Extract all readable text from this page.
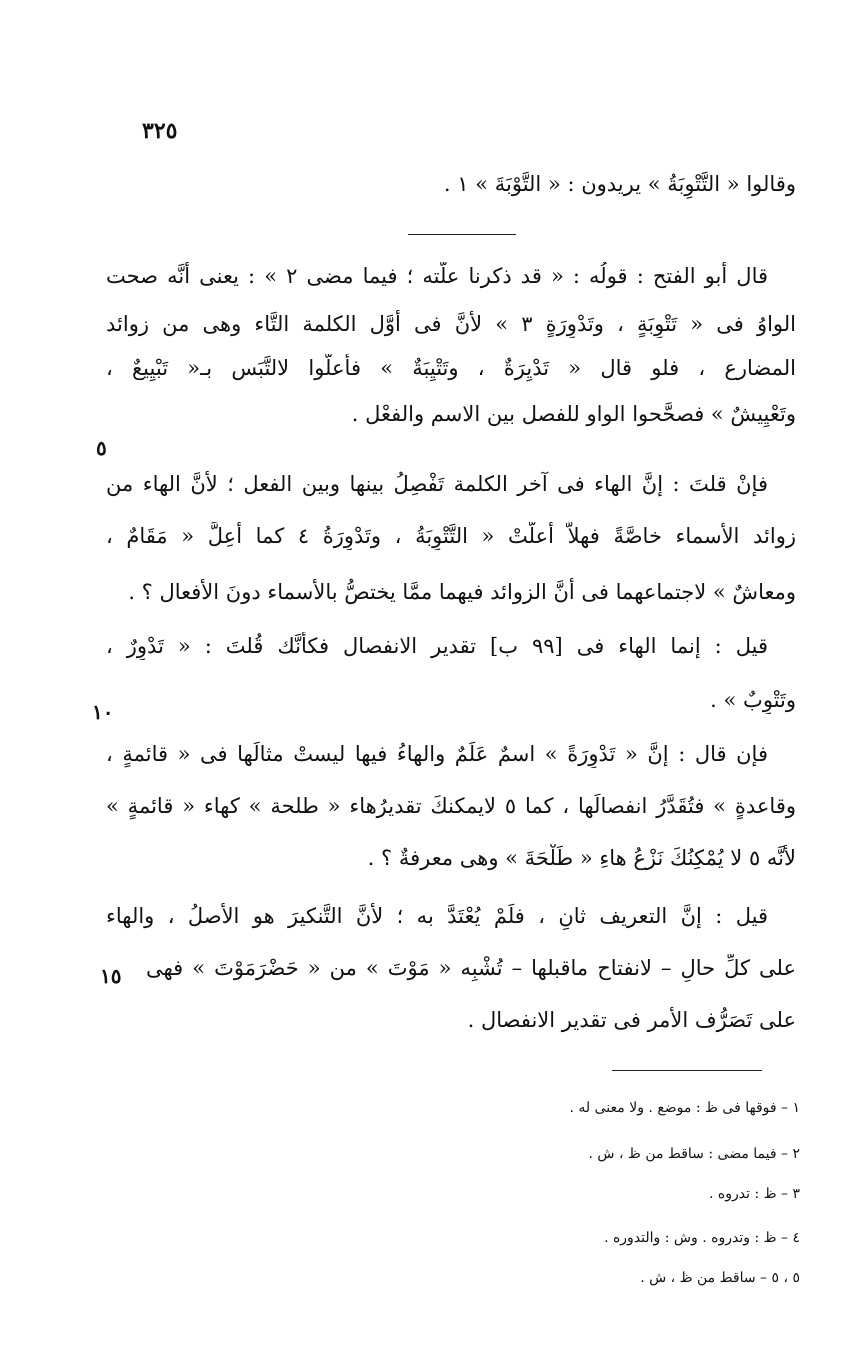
٣٢٥
وقالوا « التَّتْوِبَةُ » يريدون : « التَّوْبَةَ » ١ .
قال أبو الفتح : قولُه : « قد ذكرنا علَّته ؛ فيما مضى ٢ » : يعنى أنَّه صحت
الواوُ فى « تَتْوِبَةٍ ، وتَدْوِرَةٍ ٣ » لأنَّ فى أوَّل الكلمة التَّاء وهى من زوائد
المضارع ، فلو قال « تَدْيِرَةٌ ، وتَتْيِبَةٌ » فأعلُّوا لالتَّبَس بـ« تَبْيِيعٌ ،
وتَعْيِيشٌ » فصحَّحوا الواو للفصل بين الاسم والفعْل .
فإنْ قلتَ : إنَّ الهاء فى آخر الكلمة تَفْصِلُ بينها وبين الفعل ؛ لأنَّ الهاء من
زوائد الأسماء خاصَّةً فهلاَّ أُعلَّتْ « التَّتْوِبَةُ ، وتَدْوِرَةُ ٤ كما أُعِلَّ « مَقَامٌ ،
ومعاشٌ » لاجتماعهما فى أنَّ الزوائد فيهما ممَّا يختصُّ بالأسماء دونَ الأفعال ؟ .
قيل : إنما الهاء فى [٩٩ ب] تقدير الانفصال فكأنَّك قُلتَ : « تَدْوِرٌ ،
وتَتْوِبٌ » .
فإن قال : إنَّ « تَدْوِرَةً » اسمٌ عَلَمٌ والهاءُ فيها ليستْ مثالَها فى « قائمةٍ ،
وقاعدةٍ » فتُقَدَّرُ انفصالَها ، كما ٥ لايمكنكَ تقديرُهاء « طلحة » كهاء « قائمةٍ »
لأنَّه ٥ لا يُمْكِنُكَ نَزْعُ هاءِ « طَلْحَةَ » وهى معرفةٌ ؟ .
قيل : إنَّ التعريف ثانٍ ، فلَمْ يُعْتَدَّ به ؛ لأنَّ التَّنكيرَ هو الأصلُ ، والهاء
على كلِّ حالٍ – لانفتاح ماقبلها – تُشْبِه « مَوْتَ » من « حَضْرَمَوْتَ » فهى
على تَصَرُّف الأمر فى تقدير الانفصال .
٥
١٠
١٥
١ – فوقها فى ظ : موضع . ولا معنى له .
٢ – فيما مضى : ساقط من ظ ، ش .
٣ – ظ : تدروه .
٤ – ظ : وتدروه . وش : والتدوره .
٥ ، ٥ – ساقط من ظ ، ش .
